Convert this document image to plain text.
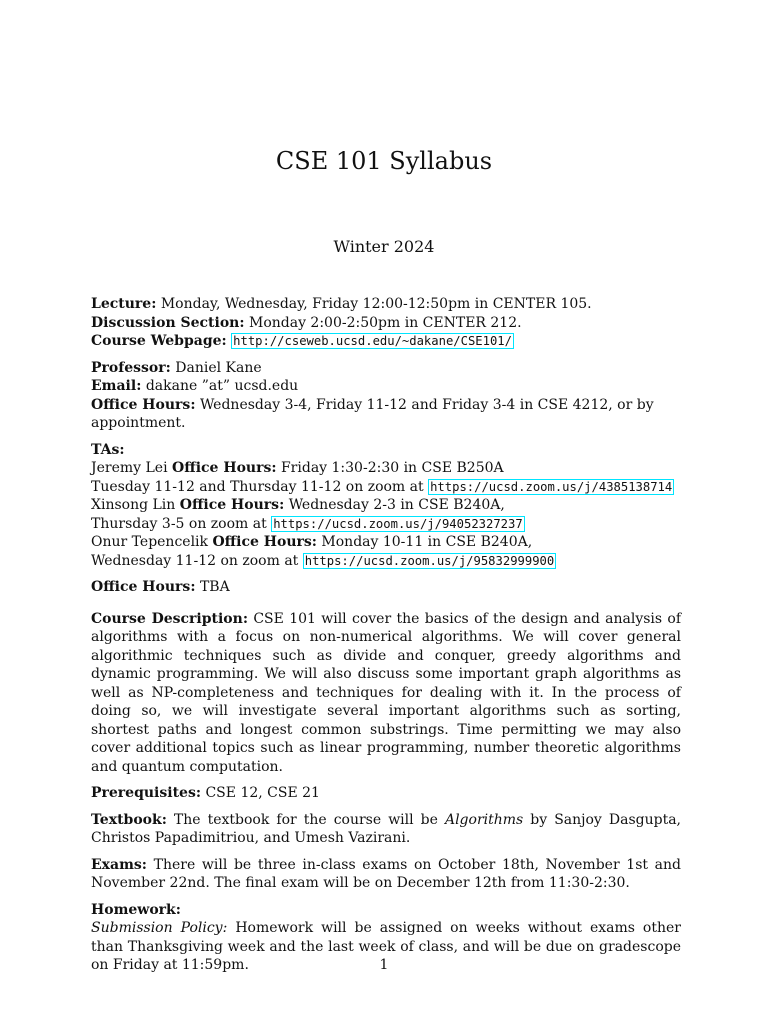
CSE 101 Syllabus
Winter 2024
Lecture: Monday, Wednesday, Friday 12:00-12:50pm in CENTER 105.
Discussion Section: Monday 2:00-2:50pm in CENTER 212.
Course Webpage: http://cseweb.ucsd.edu/~dakane/CSE101/
Professor: Daniel Kane
Email: dakane ”at” ucsd.edu
Office Hours: Wednesday 3-4, Friday 11-12 and Friday 3-4 in CSE 4212, or by appointment.
TAs:
Jeremy Lei Office Hours: Friday 1:30-2:30 in CSE B250A
Tuesday 11-12 and Thursday 11-12 on zoom at https://ucsd.zoom.us/j/4385138714
Xinsong Lin Office Hours: Wednesday 2-3 in CSE B240A,
Thursday 3-5 on zoom at https://ucsd.zoom.us/j/94052327237
Onur Tepencelik Office Hours: Monday 10-11 in CSE B240A,
Wednesday 11-12 on zoom at https://ucsd.zoom.us/j/95832999900
Office Hours: TBA
Course Description: CSE 101 will cover the basics of the design and analysis of algorithms with a focus on non-numerical algorithms. We will cover general algorithmic techniques such as divide and conquer, greedy algorithms and dynamic programming. We will also discuss some important graph algorithms as well as NP-completeness and techniques for dealing with it. In the process of doing so, we will investigate several important algorithms such as sorting, shortest paths and longest common substrings. Time permitting we may also cover additional topics such as linear programming, number theoretic algorithms and quantum computation.
Prerequisites: CSE 12, CSE 21
Textbook: The textbook for the course will be Algorithms by Sanjoy Dasgupta, Christos Papadimitriou, and Umesh Vazirani.
Exams: There will be three in-class exams on October 18th, November 1st and November 22nd. The final exam will be on December 12th from 11:30-2:30.
Homework:
Submission Policy: Homework will be assigned on weeks without exams other than Thanksgiving week and the last week of class, and will be due on gradescope on Friday at 11:59pm.	1
